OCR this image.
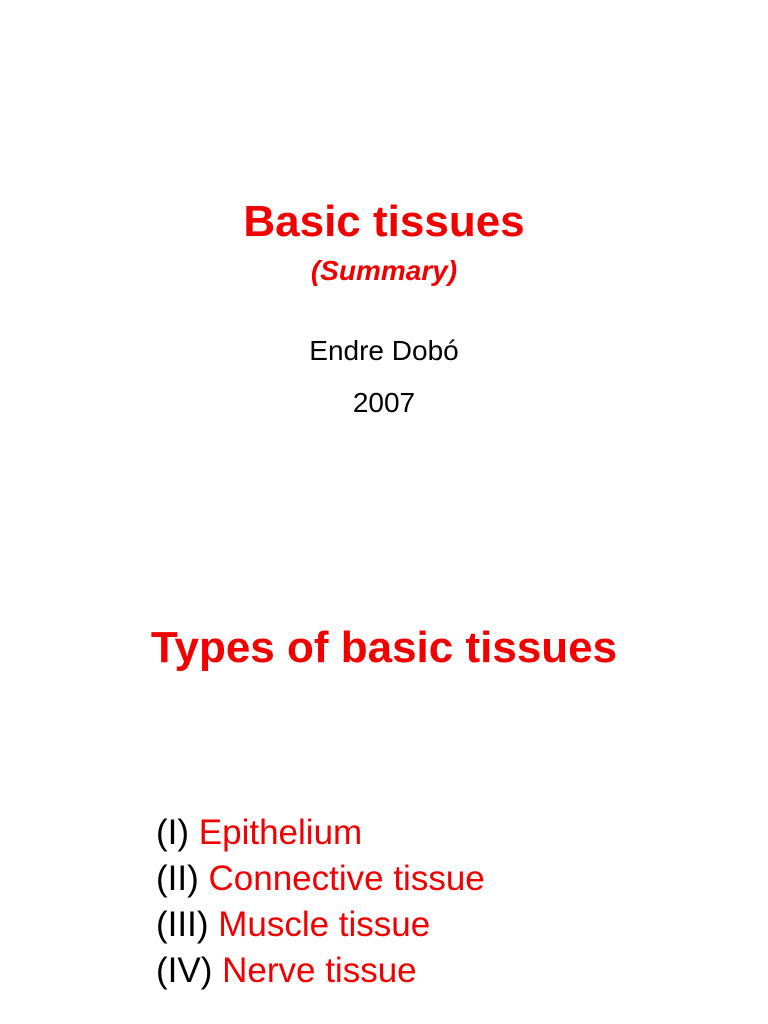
Basic tissues
(Summary)
Endre Dobó
2007
Types of basic tissues
(I) Epithelium
(II) Connective tissue
(III) Muscle tissue
(IV) Nerve tissue
